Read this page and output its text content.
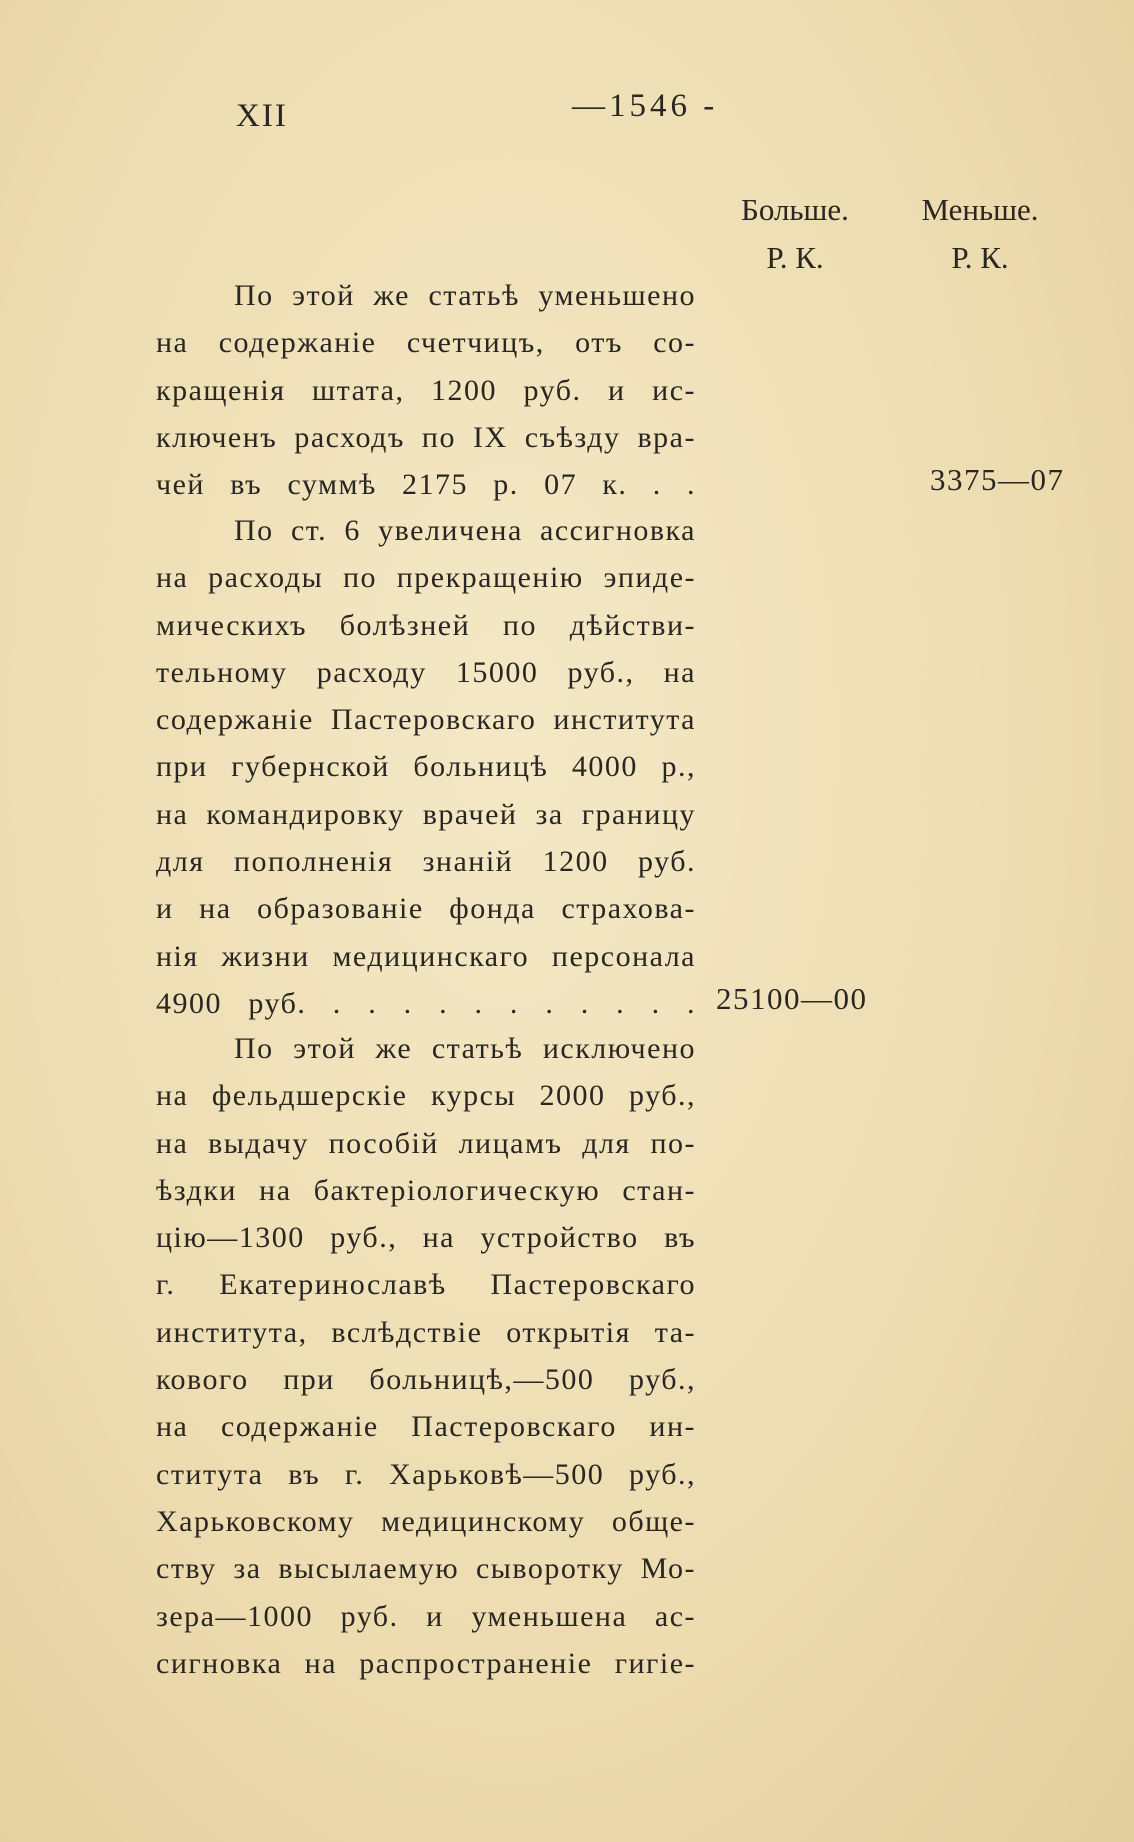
XII	—1546 -
Больше.
Р. К.
Меньше.
Р. К.

По этой же статьѣ уменьшено
на содержаніе счетчицъ, отъ со-
кращенія штата, 1200 руб. и ис-
ключенъ расходъ по IX съѣзду вра-
чей въ суммѣ 2175 р. 07 к. . .

По ст. 6 увеличена ассигновка
на расходы по прекращенію эпиде-
мическихъ болѣзней по дѣйстви-
тельному расходу 15000 руб., на
содержаніе Пастеровскаго института
при губернской больницѣ 4000 р.,
на командировку врачей за границу
для пополненія знаній 1200 руб.
и на образованіе фонда страхова-
нія жизни медицинскаго персонала
4900 руб. . . . . . . . . . . .

По этой же статьѣ исключено
на фельдшерскіе курсы 2000 руб.,
на выдачу пособій лицамъ для по-
ѣздки на бактеріологическую стан-
цію—1300 руб., на устройство въ
г. Екатеринославѣ Пастеровскаго
института, вслѣдствіе открытія та-
кового при больницѣ,—500 руб.,
на содержаніе Пастеровскаго ин-
ститута въ г. Харьковѣ—500 руб.,
Харьковскому медицинскому обще-
ству за высылаемую сыворотку Мо-
зера—1000 руб. и уменьшена ас-
сигновка на распространеніе гигіе-

3375—07
25100—00
